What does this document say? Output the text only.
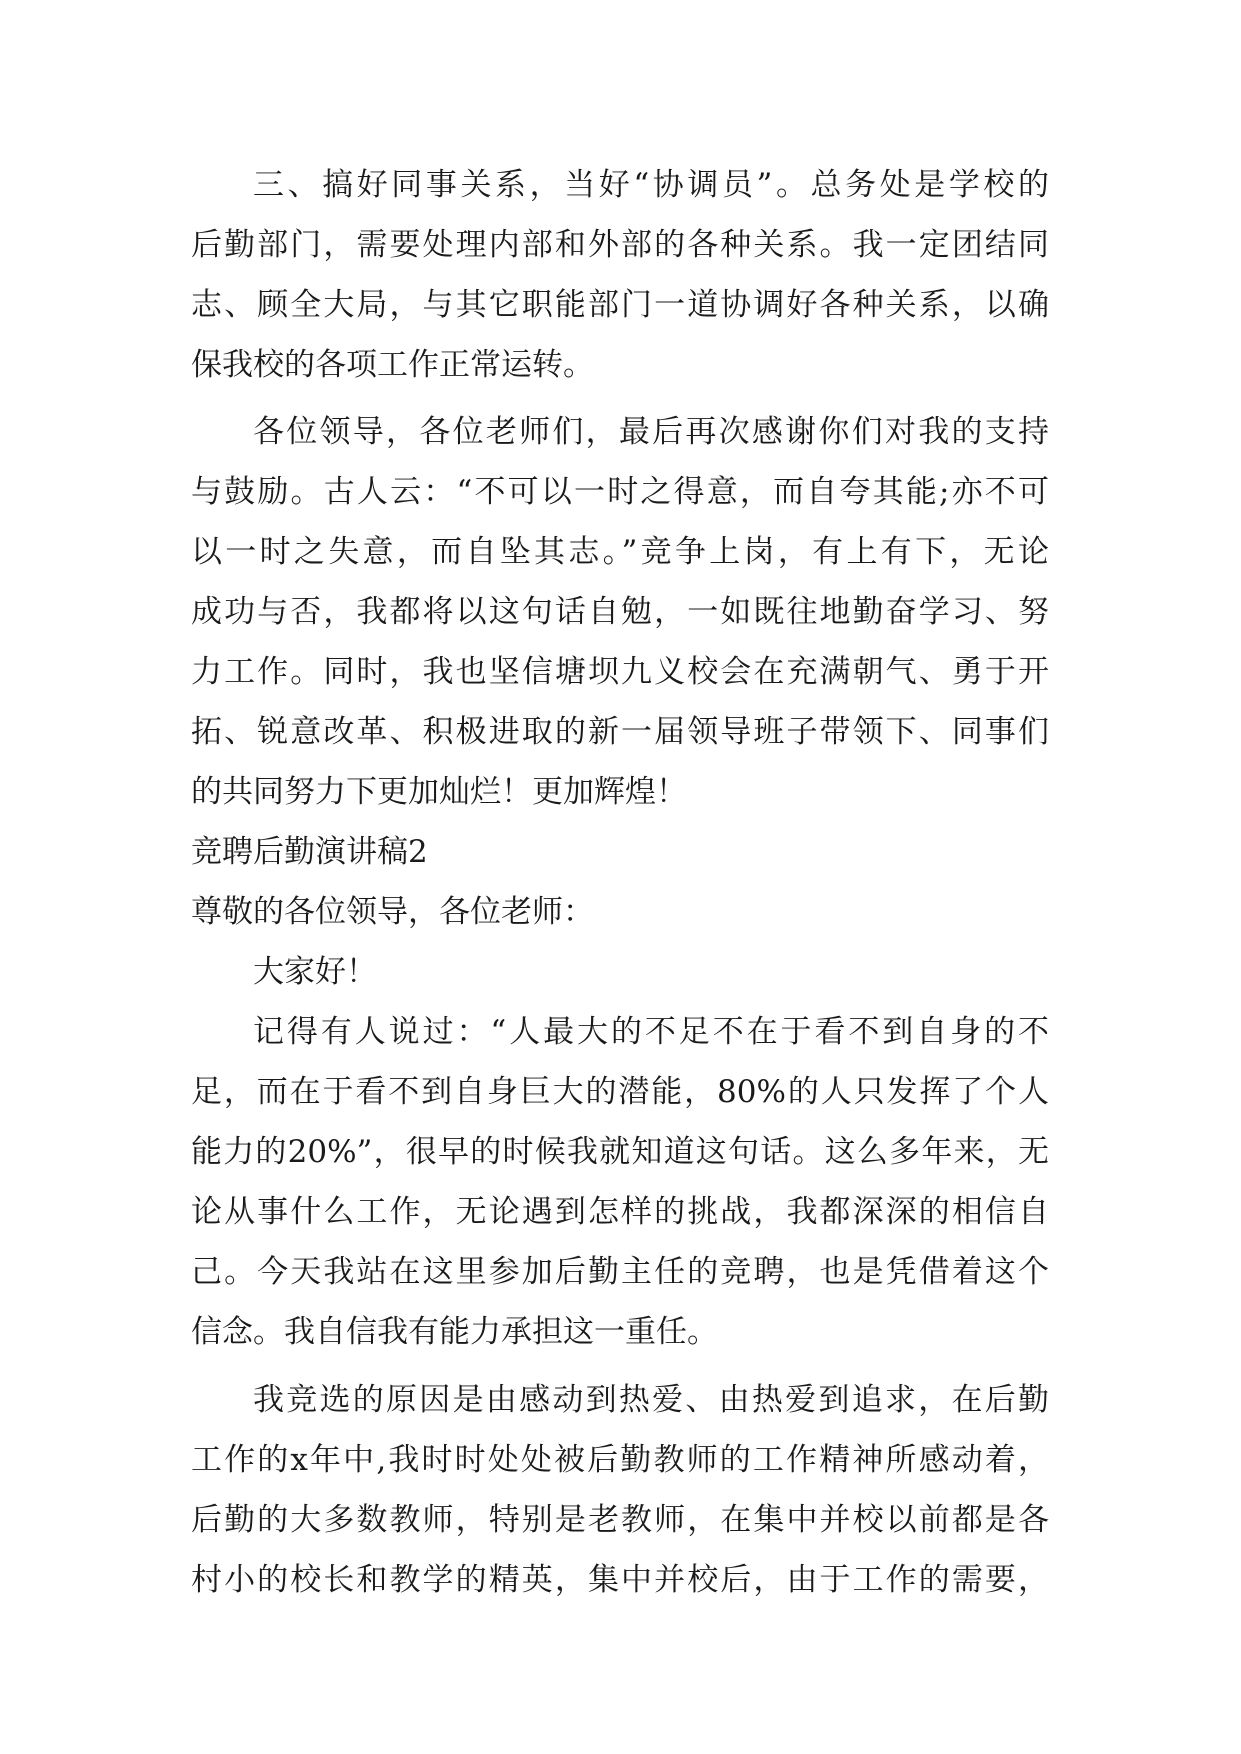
三、搞好同事关系，当好“协调员”。总务处是学校的
后勤部门，需要处理内部和外部的各种关系。我一定团结同
志、顾全大局，与其它职能部门一道协调好各种关系，以确
保我校的各项工作正常运转。
各位领导，各位老师们，最后再次感谢你们对我的支持
与鼓励。古人云：“不可以一时之得意，而自夸其能;亦不可
以一时之失意，而自坠其志。”竞争上岗，有上有下，无论
成功与否，我都将以这句话自勉，一如既往地勤奋学习、努
力工作。同时，我也坚信塘坝九义校会在充满朝气、勇于开
拓、锐意改革、积极进取的新一届领导班子带领下、同事们
的共同努力下更加灿烂！更加辉煌！
竞聘后勤演讲稿2
尊敬的各位领导，各位老师：
大家好！
记得有人说过：“人最大的不足不在于看不到自身的不
足，而在于看不到自身巨大的潜能，80%的人只发挥了个人
能力的20%”，很早的时候我就知道这句话。这么多年来，无
论从事什么工作，无论遇到怎样的挑战，我都深深的相信自
己。今天我站在这里参加后勤主任的竞聘，也是凭借着这个
信念。我自信我有能力承担这一重任。
我竞选的原因是由感动到热爱、由热爱到追求，在后勤
工作的x年中,我时时处处被后勤教师的工作精神所感动着，
后勤的大多数教师，特别是老教师，在集中并校以前都是各
村小的校长和教学的精英，集中并校后，由于工作的需要，
